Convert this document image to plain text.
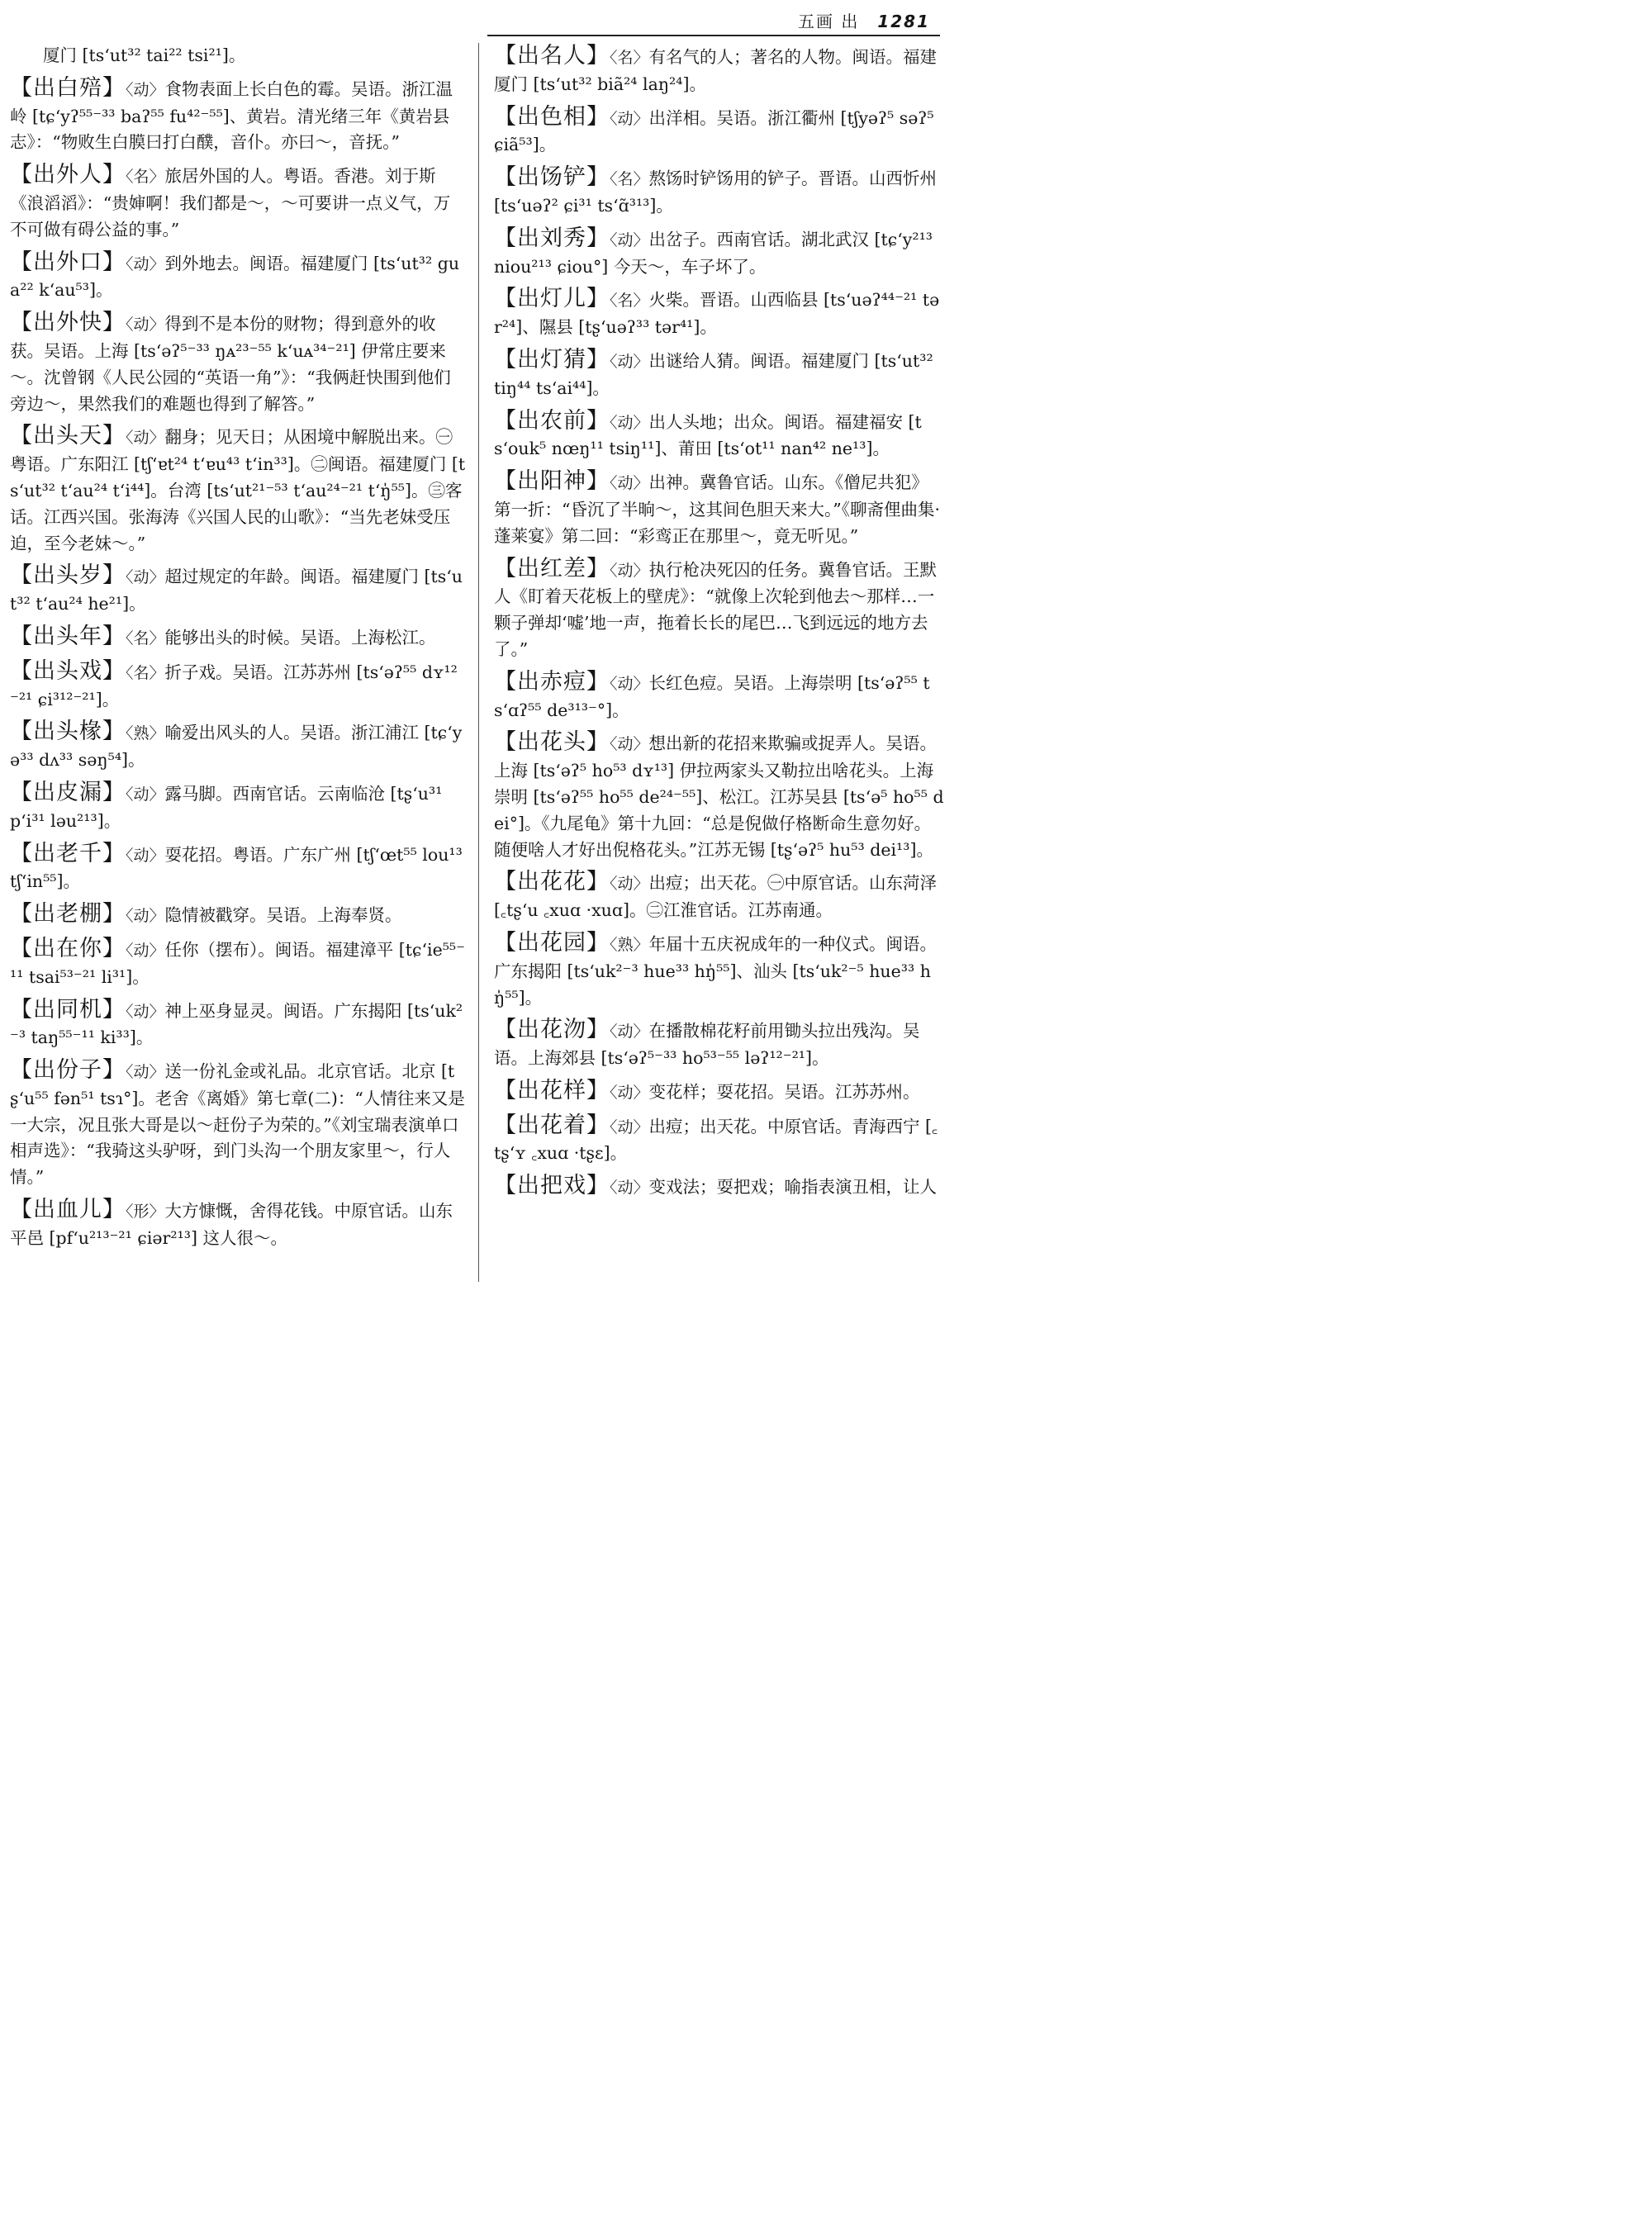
五画 出 1281
厦门 [ts‘ut³² tai²² tsi²¹]。
【出白殕】〈动〉食物表面上长白色的霉。吴语。浙江温岭 [tɕ‘yʔ⁵⁵⁻³³ baʔ⁵⁵ fu⁴²⁻⁵⁵]、黄岩。清光绪三年《黄岩县志》：“物败生白膜曰打白醭，音仆。亦曰～，音抚。”
【出外人】〈名〉旅居外国的人。粤语。香港。刘于斯《浪滔滔》：“贵婶啊！我们都是～，～可要讲一点义气，万不可做有碍公益的事。”
【出外口】〈动〉到外地去。闽语。福建厦门 [ts‘ut³² gua²² k‘au⁵³]。
【出外快】〈动〉得到不是本份的财物；得到意外的收获。吴语。上海 [ts‘əʔ⁵⁻³³ ŋᴀ²³⁻⁵⁵ k‘uᴀ³⁴⁻²¹] 伊常庄要来～。沈曾钢《人民公园的“英语一角”》：“我俩赶快围到他们旁边～，果然我们的难题也得到了解答。”
【出头天】〈动〉翻身；见天日；从困境中解脱出来。㊀粤语。广东阳江 [tʃ‘ɐt²⁴ t‘ɐu⁴³ t‘in³³]。㊁闽语。福建厦门 [ts‘ut³² t‘au²⁴ t‘i⁴⁴]。台湾 [ts‘ut²¹⁻⁵³ t‘au²⁴⁻²¹ t‘ŋ̍⁵⁵]。㊂客话。江西兴国。张海涛《兴国人民的山歌》：“当先老妹受压迫，至今老妹～。”
【出头岁】〈动〉超过规定的年龄。闽语。福建厦门 [ts‘ut³² t‘au²⁴ he²¹]。
【出头年】〈名〉能够出头的时候。吴语。上海松江。
【出头戏】〈名〉折子戏。吴语。江苏苏州 [ts‘əʔ⁵⁵ dʏ¹²⁻²¹ ɕi³¹²⁻²¹]。
【出头椽】〈熟〉喻爱出风头的人。吴语。浙江浦江 [tɕ‘yə³³ dʌ³³ səŋ⁵⁴]。
【出皮漏】〈动〉露马脚。西南官话。云南临沧 [tʂ‘u³¹ p‘i³¹ ləu²¹³]。
【出老千】〈动〉耍花招。粤语。广东广州 [tʃ‘œt⁵⁵ lou¹³ tʃ‘in⁵⁵]。
【出老棚】〈动〉隐情被戳穿。吴语。上海奉贤。
【出在你】〈动〉任你（摆布）。闽语。福建漳平 [tɕ‘ie⁵⁵⁻¹¹ tsai⁵³⁻²¹ li³¹]。
【出同机】〈动〉神上巫身显灵。闽语。广东揭阳 [ts‘uk²⁻³ taŋ⁵⁵⁻¹¹ ki³³]。
【出份子】〈动〉送一份礼金或礼品。北京官话。北京 [tʂ‘u⁵⁵ fən⁵¹ tsɿ°]。老舍《离婚》第七章(二)：“人情往来又是一大宗，况且张大哥是以～赶份子为荣的。”《刘宝瑞表演单口相声选》：“我骑这头驴呀，到门头沟一个朋友家里～，行人情。”
【出血儿】〈形〉大方慷慨，舍得花钱。中原官话。山东平邑 [pf‘u²¹³⁻²¹ ɕiər²¹³] 这人很～。
【出名人】〈名〉有名气的人；著名的人物。闽语。福建厦门 [ts‘ut³² biã²⁴ laŋ²⁴]。
【出色相】〈动〉出洋相。吴语。浙江衢州 [tʃyəʔ⁵ səʔ⁵ ɕiã⁵³]。
【出饧铲】〈名〉熬饧时铲饧用的铲子。晋语。山西忻州 [ts‘uəʔ² ɕi³¹ ts‘ɑ̃³¹³]。
【出刘秀】〈动〉出岔子。西南官话。湖北武汉 [tɕ‘y²¹³ niou²¹³ ɕiou°] 今天～，车子坏了。
【出灯儿】〈名〉火柴。晋语。山西临县 [ts‘uəʔ⁴⁴⁻²¹ tər²⁴]、隰县 [tʂ‘uəʔ³³ tər⁴¹]。
【出灯猜】〈动〉出谜给人猜。闽语。福建厦门 [ts‘ut³² tiŋ⁴⁴ ts‘ai⁴⁴]。
【出农前】〈动〉出人头地；出众。闽语。福建福安 [ts‘ouk⁵ nœŋ¹¹ tsiŋ¹¹]、莆田 [ts‘ot¹¹ nan⁴² ne¹³]。
【出阳神】〈动〉出神。冀鲁官话。山东。《僧尼共犯》第一折：“昏沉了半晌～，这其间色胆天来大。”《聊斋俚曲集·蓬莱宴》第二回：“彩鸾正在那里～，竟无听见。”
【出红差】〈动〉执行枪决死囚的任务。冀鲁官话。王默人《盯着天花板上的壁虎》：“就像上次轮到他去～那样…一颗子弹却‘嘘’地一声，拖着长长的尾巴…飞到远远的地方去了。”
【出赤痘】〈动〉长红色痘。吴语。上海崇明 [ts‘əʔ⁵⁵ ts‘ɑʔ⁵⁵ de³¹³⁻°]。
【出花头】〈动〉想出新的花招来欺骗或捉弄人。吴语。上海 [ts‘əʔ⁵ ho⁵³ dʏ¹³] 伊拉两家头又勒拉出啥花头。上海崇明 [ts‘əʔ⁵⁵ ho⁵⁵ de²⁴⁻⁵⁵]、松江。江苏吴县 [ts‘ə⁵ ho⁵⁵ dei°]。《九尾龟》第十九回：“总是倪做仔格断命生意勿好。随便啥人才好出倪格花头。”江苏无锡 [tʂ‘əʔ⁵ hu⁵³ dei¹³]。
【出花花】〈动〉出痘；出天花。㊀中原官话。山东菏泽 [꜀tʂ‘u ꜀xuɑ ·xuɑ]。㊁江淮官话。江苏南通。
【出花园】〈熟〉年届十五庆祝成年的一种仪式。闽语。广东揭阳 [ts‘uk²⁻³ hue³³ hŋ̍⁵⁵]、汕头 [ts‘uk²⁻⁵ hue³³ hŋ̍⁵⁵]。
【出花沕】〈动〉在播散棉花籽前用锄头拉出残沟。吴语。上海郊县 [ts‘əʔ⁵⁻³³ ho⁵³⁻⁵⁵ ləʔ¹²⁻²¹]。
【出花样】〈动〉变花样；耍花招。吴语。江苏苏州。
【出花着】〈动〉出痘；出天花。中原官话。青海西宁 [꜀tʂ‘ʏ ꜀xuɑ ·tʂɛ]。
【出把戏】〈动〉变戏法；耍把戏；喻指表演丑相，让人
